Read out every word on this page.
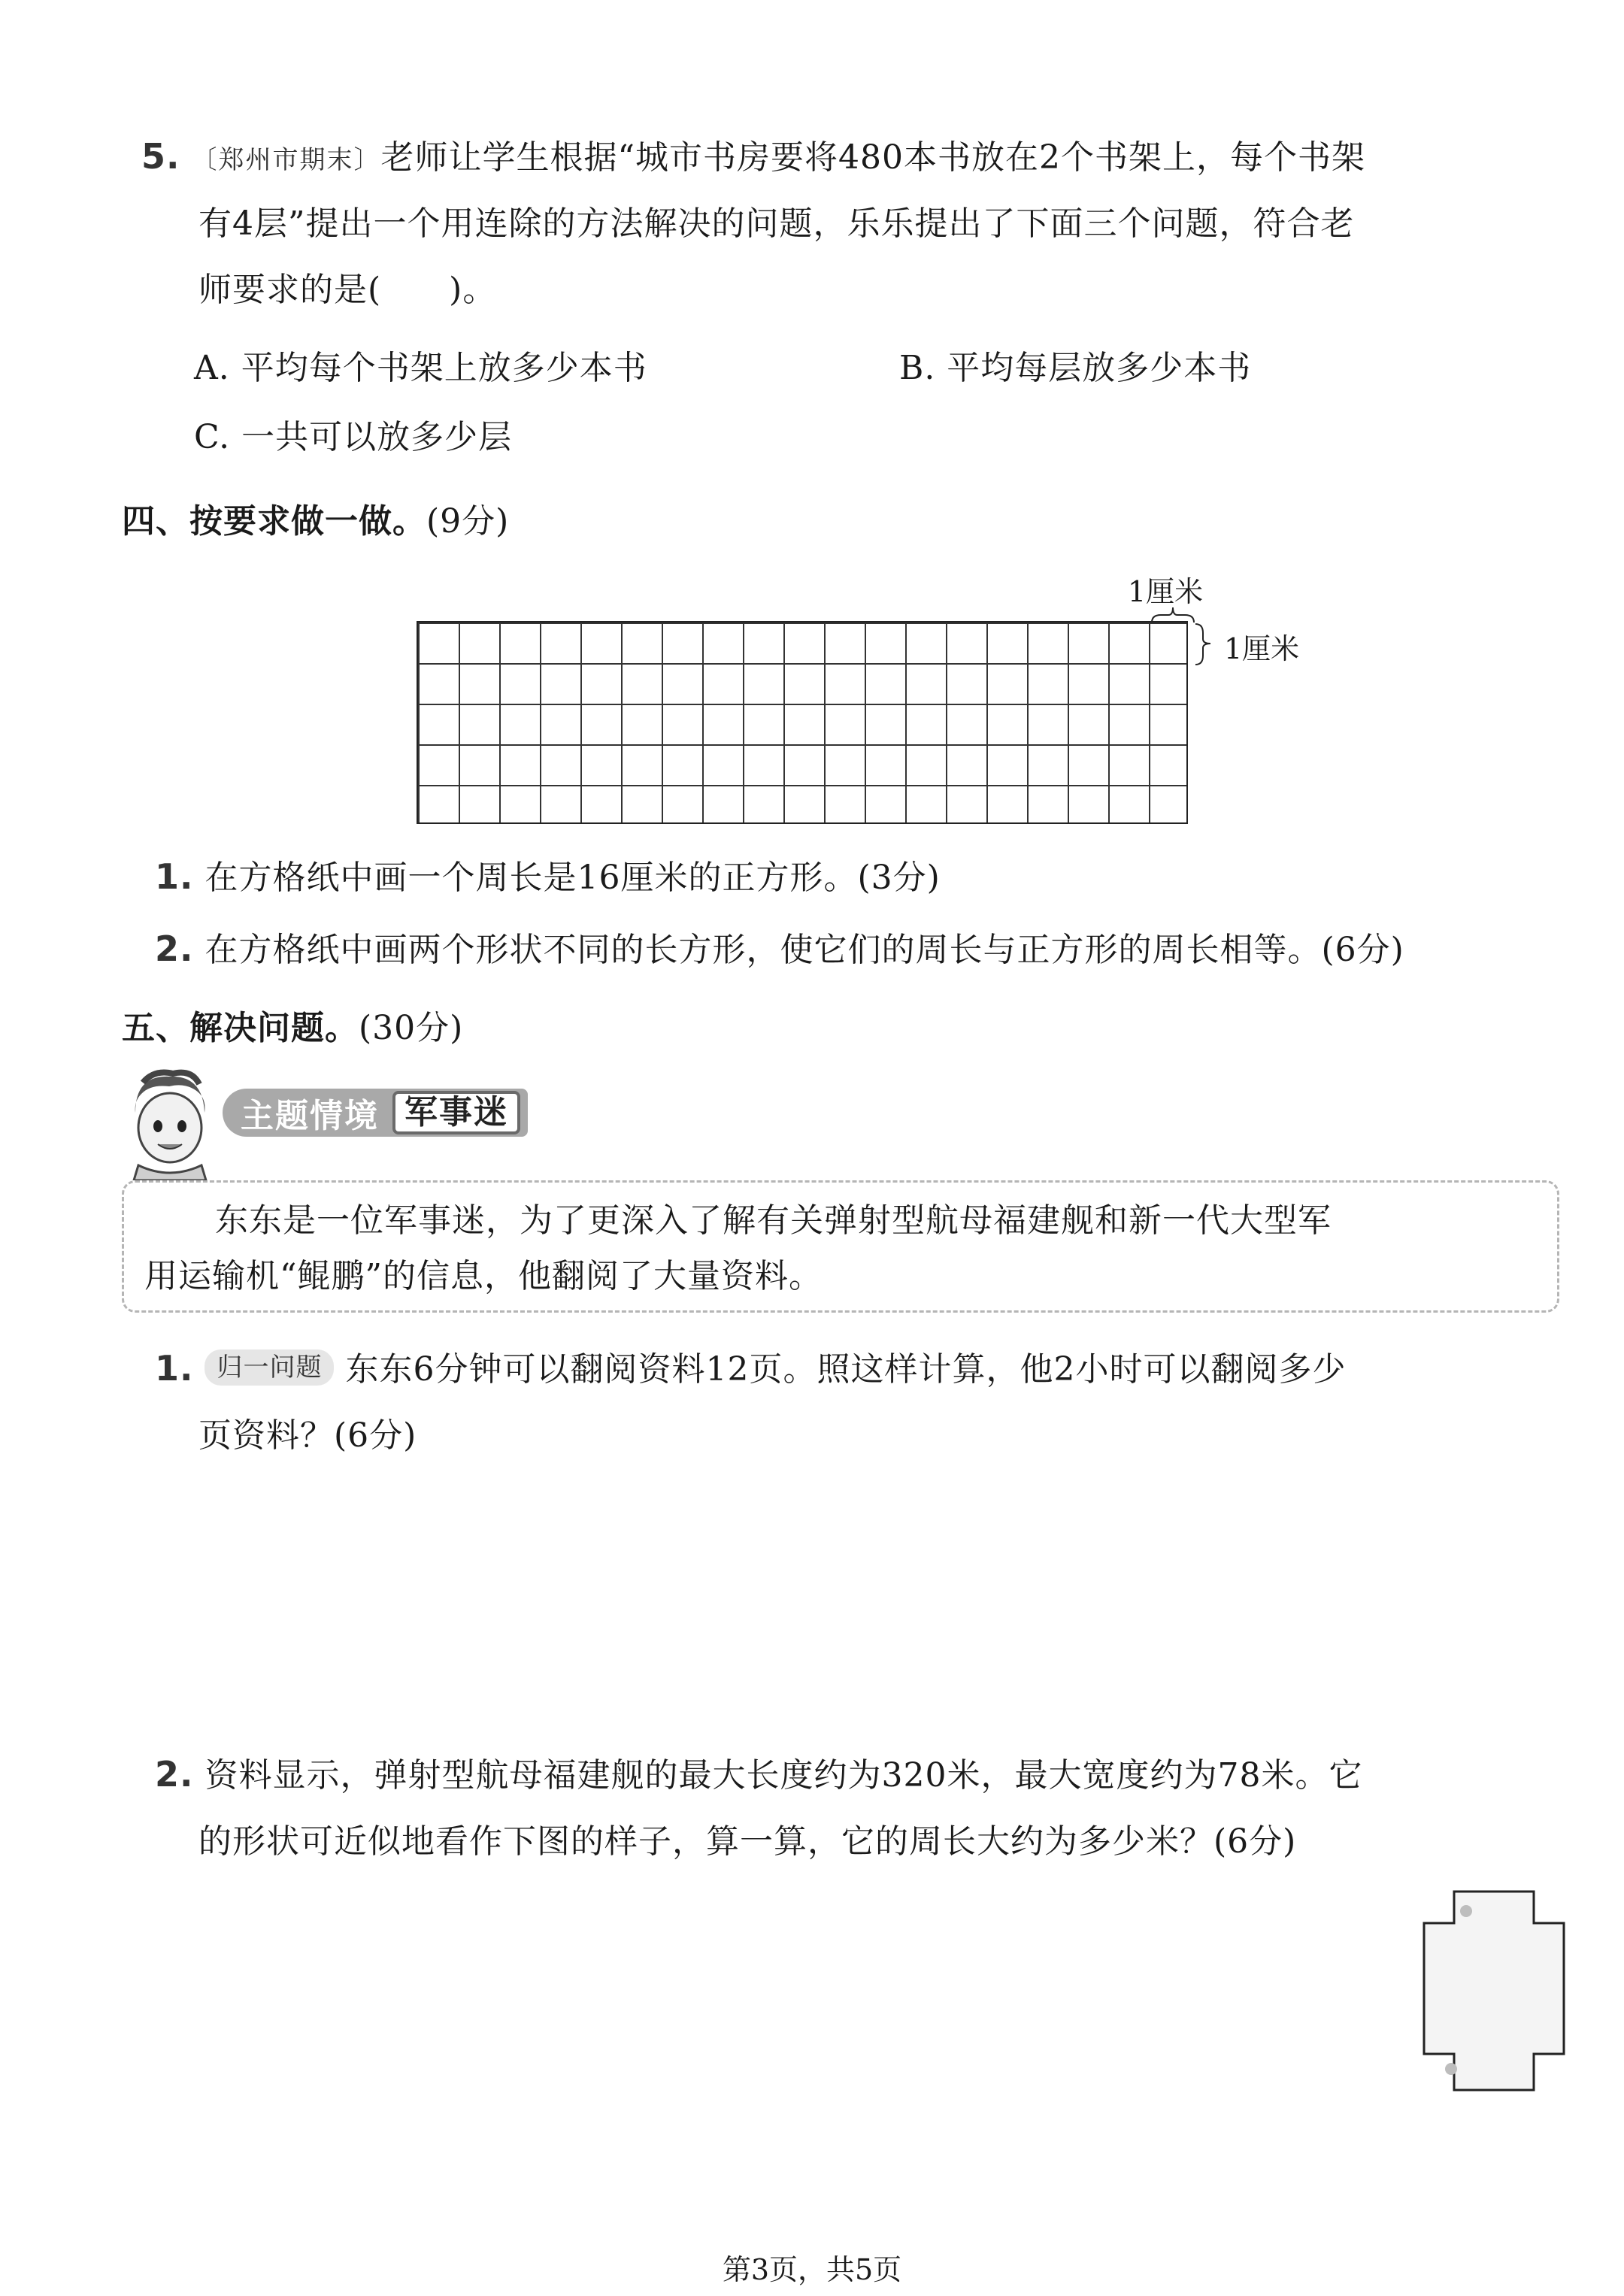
5. 〔郑州市期末〕老师让学生根据“城市书房要将480本书放在2个书架上，每个书架
有4层”提出一个用连除的方法解决的问题，乐乐提出了下面三个问题，符合老
师要求的是(　　)。
A. 平均每个书架上放多少本书	B. 平均每层放多少本书
C. 一共可以放多少层
四、按要求做一做。(9分)
1厘米
1厘米
1. 在方格纸中画一个周长是16厘米的正方形。(3分)
2. 在方格纸中画两个形状不同的长方形，使它们的周长与正方形的周长相等。(6分)
五、解决问题。(30分)
主题情境 军事迷
东东是一位军事迷，为了更深入了解有关弹射型航母福建舰和新一代大型军
用运输机“鲲鹏”的信息，他翻阅了大量资料。
1. 归一问题 东东6分钟可以翻阅资料12页。照这样计算，他2小时可以翻阅多少
页资料？(6分)
2. 资料显示，弹射型航母福建舰的最大长度约为320米，最大宽度约为78米。它
的形状可近似地看作下图的样子，算一算，它的周长大约为多少米？(6分)
第3页，共5页
